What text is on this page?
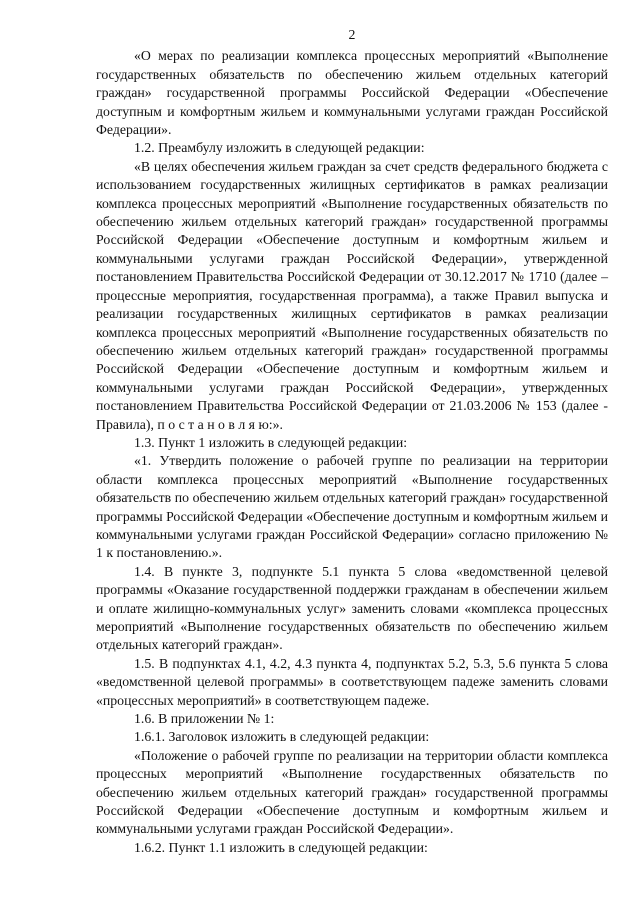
2

«О мерах по реализации комплекса процессных мероприятий «Выполнение государственных обязательств по обеспечению жильем отдельных категорий граждан» государственной программы Российской Федерации «Обеспечение доступным и комфортным жильем и коммунальными услугами граждан Российской Федерации».

1.2. Преамбулу изложить в следующей редакции:

«В целях обеспечения жильем граждан за счет средств федерального бюджета с использованием государственных жилищных сертификатов в рамках реализации комплекса процессных мероприятий «Выполнение государственных обязательств по обеспечению жильем отдельных категорий граждан» государственной программы Российской Федерации «Обеспечение доступным и комфортным жильем и коммунальными услугами граждан Российской Федерации», утвержденной постановлением Правительства Российской Федерации от 30.12.2017 № 1710 (далее – процессные мероприятия, государственная программа), а также Правил выпуска и реализации государственных жилищных сертификатов в рамках реализации комплекса процессных мероприятий «Выполнение государственных обязательств по обеспечению жильем отдельных категорий граждан» государственной программы Российской Федерации «Обеспечение доступным и комфортным жильем и коммунальными услугами граждан Российской Федерации», утвержденных постановлением Правительства Российской Федерации от 21.03.2006 № 153 (далее - Правила), п о с т а н о в л я ю:».

1.3. Пункт 1 изложить в следующей редакции:

«1. Утвердить положение о рабочей группе по реализации на территории области комплекса процессных мероприятий «Выполнение государственных обязательств по обеспечению жильем отдельных категорий граждан» государственной программы Российской Федерации «Обеспечение доступным и комфортным жильем и коммунальными услугами граждан Российской Федерации» согласно приложению № 1 к постановлению.».

1.4. В пункте 3, подпункте 5.1 пункта 5 слова «ведомственной целевой программы «Оказание государственной поддержки гражданам в обеспечении жильем и оплате жилищно-коммунальных услуг» заменить словами «комплекса процессных мероприятий «Выполнение государственных обязательств по обеспечению жильем отдельных категорий граждан».

1.5. В подпунктах 4.1, 4.2, 4.3 пункта 4, подпунктах 5.2, 5.3, 5.6 пункта 5 слова «ведомственной целевой программы» в соответствующем падеже заменить словами «процессных мероприятий» в соответствующем падеже.

1.6. В приложении № 1:

1.6.1. Заголовок изложить в следующей редакции:

«Положение о рабочей группе по реализации на территории области комплекса процессных мероприятий «Выполнение государственных обязательств по обеспечению жильем отдельных категорий граждан» государственной программы Российской Федерации «Обеспечение доступным и комфортным жильем и коммунальными услугами граждан Российской Федерации».

1.6.2. Пункт 1.1 изложить в следующей редакции:
